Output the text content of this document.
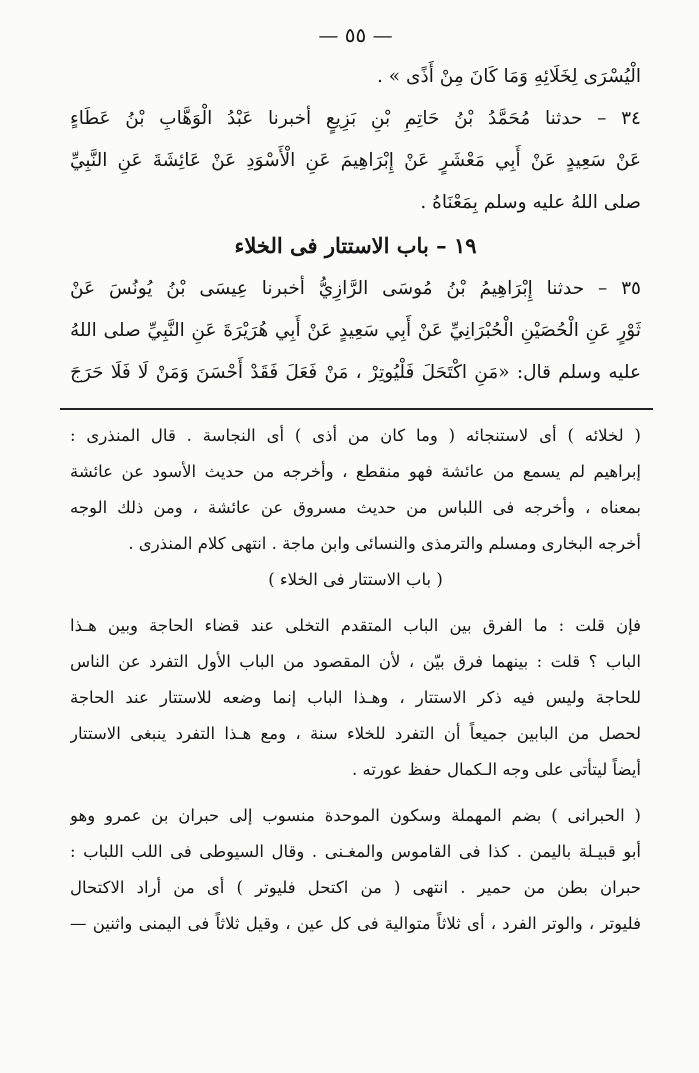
— ٥٥ —
الْيُسْرَى لِخَلَائِهِ وَمَا كَانَ مِنْ أَذًى » .
٣٤ – حدثنا مُحَمَّدُ بْنُ حَاتِمِ بْنِ بَزِيعٍ أخبرنا عَبْدُ الْوَهَّابِ بْنُ عَطَاءٍ
عَنْ سَعِيدٍ عَنْ أَبِي مَعْشَرٍ عَنْ إِبْرَاهِيمَ عَنِ الْأَسْوَدِ عَنْ عَائِشَةَ عَنِ النَّبِيِّ
صلى اللهُ عليه وسلم بِمَعْنَاهُ .
١٩ – باب الاستتار فى الخلاء
٣٥ – حدثنا إِبْرَاهِيمُ بْنُ مُوسَى الرَّازِيُّ أخبرنا عِيسَى بْنُ يُونُسَ عَنْ
ثَوْرٍ عَنِ الْحُصَيْنِ الْحُبْرَانِيِّ عَنْ أَبِي سَعِيدٍ عَنْ أَبِي هُرَيْرَةَ عَنِ النَّبِيِّ صلى اللهُ
عليه وسلم قال: «مَنِ اكْتَحَلَ فَلْيُوتِرْ ، مَنْ فَعَلَ فَقَدْ أَحْسَنَ وَمَنْ لَا فَلَا حَرَجَ
( لخلائه ) أى لاستنجائه ( وما كان من أذى ) أى النجاسة . قال المنذرى :
إبراهيم لم يسمع من عائشة فهو منقطع ، وأخرجه من حديث الأسود عن عائشة
بمعناه ، وأخرجه فى اللباس من حديث مسروق عن عائشة ، ومن ذلك الوجه
أخرجه البخارى ومسلم والترمذى والنسائى وابن ماجة . انتهى كلام المنذرى .
( باب الاستتار فى الخلاء )
فإن قلت : ما الفرق بين الباب المتقدم التخلى عند قضاء الحاجة وبين هـذا
الباب ؟ قلت : بينهما فرق بيّن ، لأن المقصود من الباب الأول التفرد عن الناس
للحاجة وليس فيه ذكر الاستتار ، وهـذا الباب إنما وضعه للاستتار عند الحاجة
لحصل من البابين جميعاً أن التفرد للخلاء سنة ، ومع هـذا التفرد ينبغى الاستتار
أيضاً ليتأتى على وجه الـكمال حفظ عورته .
( الحبرانى ) بضم المهملة وسكون الموحدة منسوب إلى حبران بن عمرو وهو
أبو قبيـلة باليمن . كذا فى القاموس والمغـنى . وقال السيوطى فى اللب اللباب :
حبران بطن من حمير . انتهى ( من اكتحل فليوتر ) أى من أراد الاكتحال
فليوتر ، والوتر الفرد ، أى ثلاثاً متوالية فى كل عين ، وقيل ثلاثاً فى اليمنى واثنين —
